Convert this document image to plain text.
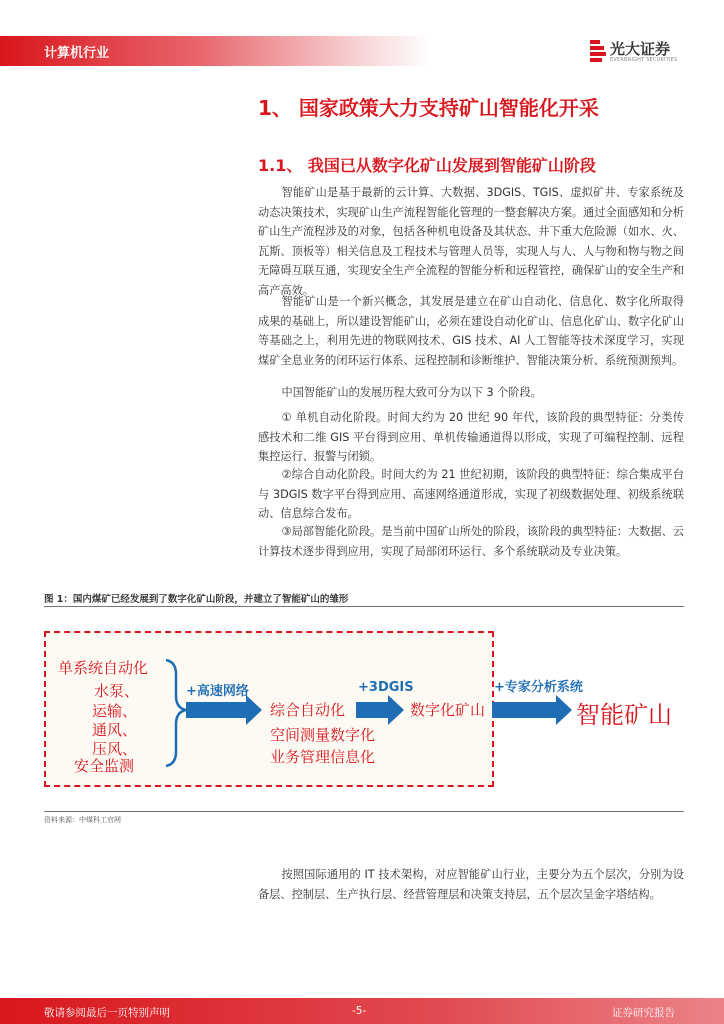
计算机行业	光大证券
EVERBRIGHT SECURITIES
1、 国家政策大力支持矿山智能化开采
1.1、 我国已从数字化矿山发展到智能矿山阶段

智能矿山是基于最新的云计算、大数据、3DGIS、TGIS、虚拟矿井、专家系统及动态决策技术，实现矿山生产流程智能化管理的一整套解决方案。通过全面感知和分析矿山生产流程涉及的对象，包括各种机电设备及其状态、井下重大危险源（如水、火、瓦斯、顶板等）相关信息及工程技术与管理人员等，实现人与人、人与物和物与物之间无障碍互联互通，实现安全生产全流程的智能分析和远程管控，确保矿山的安全生产和高产高效。

智能矿山是一个新兴概念，其发展是建立在矿山自动化、信息化、数字化所取得成果的基础上，所以建设智能矿山，必须在建设自动化矿山、信息化矿山、数字化矿山等基础之上，利用先进的物联网技术、GIS 技术、AI 人工智能等技术深度学习，实现煤矿全息业务的闭环运行体系、远程控制和诊断维护、智能决策分析、系统预测预判。

中国智能矿山的发展历程大致可分为以下 3 个阶段。

① 单机自动化阶段。时间大约为 20 世纪 90 年代，该阶段的典型特征：分类传感技术和二维 GIS 平台得到应用、单机传输通道得以形成，实现了可编程控制、远程集控运行、报警与闭锁。

②综合自动化阶段。时间大约为 21 世纪初期，该阶段的典型特征：综合集成平台与 3DGIS 数字平台得到应用、高速网络通道形成，实现了初级数据处理、初级系统联动、信息综合发布。

③局部智能化阶段。是当前中国矿山所处的阶段，该阶段的典型特征：大数据、云计算技术逐步得到应用，实现了局部闭环运行、多个系统联动及专业决策。

图 1：国内煤矿已经发展到了数字化矿山阶段，并建立了智能矿山的雏形
单系统自动化
水泵、
运输、
通风、
压风、
安全监测
+高速网络
综合自动化
空间测量数字化
业务管理信息化
+3DGIS
数字化矿山
+专家分析系统
智能矿山
资料来源：中煤科工官网

按照国际通用的 IT 技术架构，对应智能矿山行业，主要分为五个层次，分别为设备层、控制层、生产执行层、经营管理层和决策支持层，五个层次呈金字塔结构。

敬请参阅最后一页特别声明	-5-	证券研究报告
